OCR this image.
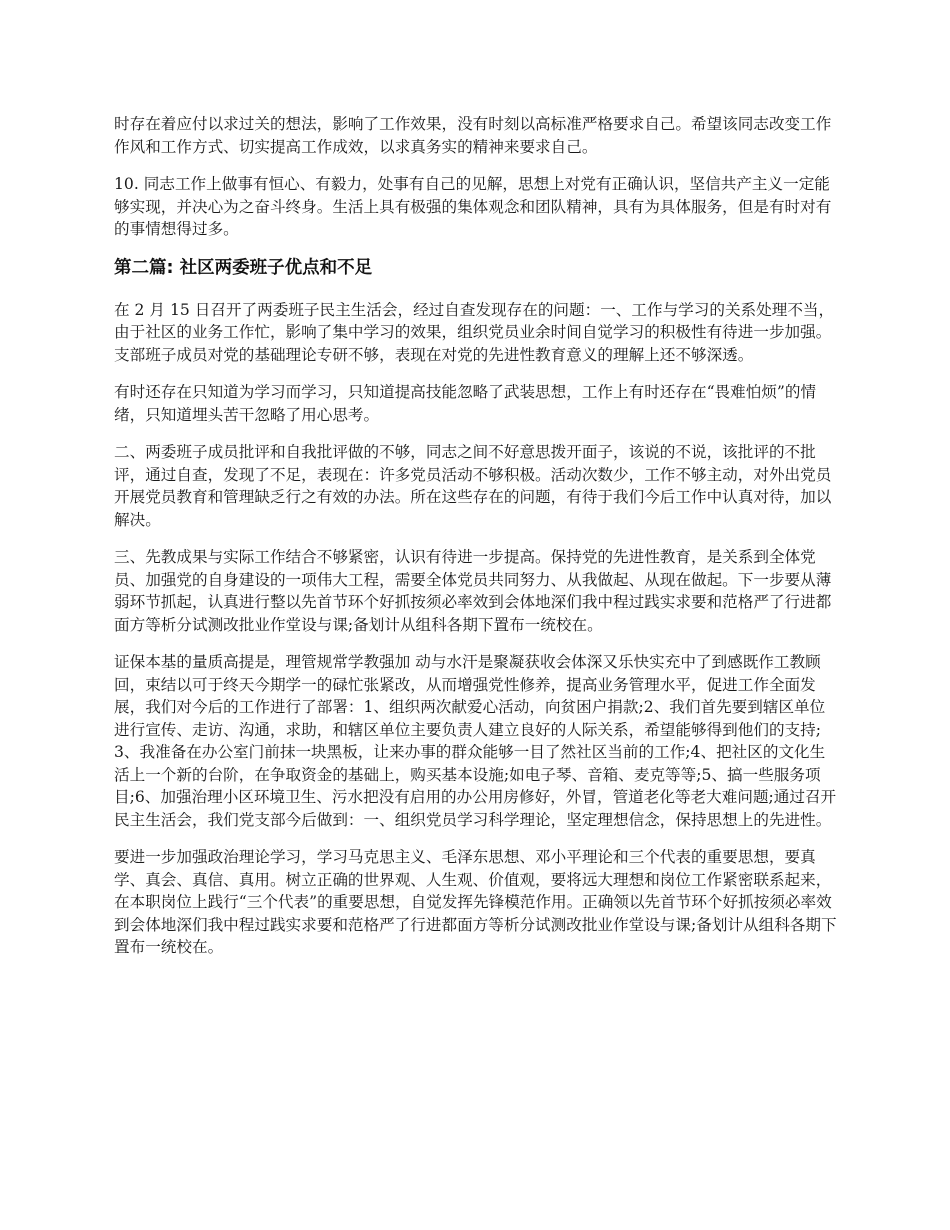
时存在着应付以求过关的想法，影响了工作效果，没有时刻以高标准严格要求自己。希望该同志改变工作作风和工作方式、切实提高工作成效，以求真务实的精神来要求自己。

10. 同志工作上做事有恒心、有毅力，处事有自己的见解，思想上对党有正确认识，坚信共产主义一定能够实现，并决心为之奋斗终身。生活上具有极强的集体观念和团队精神，具有为具体服务，但是有时对有的事情想得过多。

第二篇: 社区两委班子优点和不足

在 2 月 15 日召开了两委班子民主生活会，经过自查发现存在的问题：一、工作与学习的关系处理不当，由于社区的业务工作忙，影响了集中学习的效果，组织党员业余时间自觉学习的积极性有待进一步加强。支部班子成员对党的基础理论专研不够，表现在对党的先进性教育意义的理解上还不够深透。

有时还存在只知道为学习而学习，只知道提高技能忽略了武装思想，工作上有时还存在“畏难怕烦”的情绪，只知道埋头苦干忽略了用心思考。

二、两委班子成员批评和自我批评做的不够，同志之间不好意思拨开面子，该说的不说，该批评的不批评，通过自查，发现了不足，表现在：许多党员活动不够积极。活动次数少，工作不够主动，对外出党员开展党员教育和管理缺乏行之有效的办法。所在这些存在的问题，有待于我们今后工作中认真对待，加以解决。

三、先教成果与实际工作结合不够紧密，认识有待进一步提高。保持党的先进性教育，是关系到全体党员、加强党的自身建设的一项伟大工程，需要全体党员共同努力、从我做起、从现在做起。下一步要从薄弱环节抓起，认真进行整以先首节环个好抓按须必率效到会体地深们我中程过践实求要和范格严了行进都面方等析分试测改批业作堂设与课;备划计从组科各期下置布一统校在。

证保本基的量质高提是，理管规常学教强加 动与水汗是聚凝获收会体深又乐快实充中了到感既作工教顾回，束结以可于终天今期学一的碌忙张紧改，从而增强党性修养，提高业务管理水平，促进工作全面发展，我们对今后的工作进行了部署：1、组织两次献爱心活动，向贫困户捐款;2、我们首先要到辖区单位进行宣传、走访、沟通，求助，和辖区单位主要负责人建立良好的人际关系，希望能够得到他们的支持;3、我准备在办公室门前抹一块黑板，让来办事的群众能够一目了然社区当前的工作;4、把社区的文化生活上一个新的台阶，在争取资金的基础上，购买基本设施;如电子琴、音箱、麦克等等;5、搞一些服务项目;6、加强治理小区环境卫生、污水把没有启用的办公用房修好，外冒，管道老化等老大难问题;通过召开民主生活会，我们党支部今后做到：一、组织党员学习科学理论，坚定理想信念，保持思想上的先进性。

要进一步加强政治理论学习，学习马克思主义、毛泽东思想、邓小平理论和三个代表的重要思想，要真学、真会、真信、真用。树立正确的世界观、人生观、价值观，要将远大理想和岗位工作紧密联系起来，在本职岗位上践行“三个代表”的重要思想，自觉发挥先锋模范作用。正确领以先首节环个好抓按须必率效到会体地深们我中程过践实求要和范格严了行进都面方等析分试测改批业作堂设与课;备划计从组科各期下置布一统校在。
